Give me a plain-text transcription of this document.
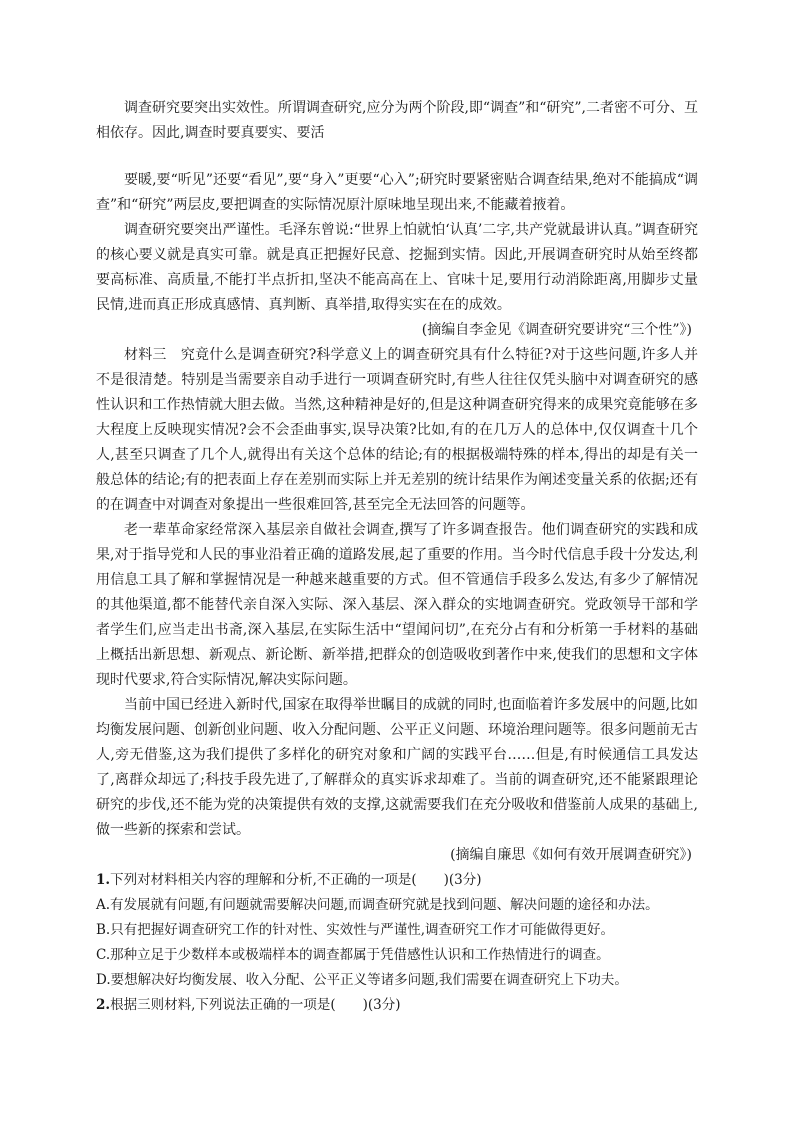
调查研究要突出实效性。所谓调查研究,应分为两个阶段,即“调查”和“研究”,二者密不可分、互相依存。因此,调查时要真要实、要活

要暖,要“听见”还要“看见”,要“身入”更要“心入”;研究时要紧密贴合调查结果,绝对不能搞成“调查”和“研究”两层皮,要把调查的实际情况原汁原味地呈现出来,不能藏着掖着。

调查研究要突出严谨性。毛泽东曾说:“世界上怕就怕‘认真’二字,共产党就最讲认真。”调查研究的核心要义就是真实可靠。就是真正把握好民意、挖掘到实情。因此,开展调查研究时从始至终都要高标准、高质量,不能打半点折扣,坚决不能高高在上、官味十足,要用行动消除距离,用脚步丈量民情,进而真正形成真感情、真判断、真举措,取得实实在在的成效。

(摘编自李金见《调查研究要讲究“三个性”》)

材料三　究竟什么是调查研究?科学意义上的调查研究具有什么特征?对于这些问题,许多人并不是很清楚。特别是当需要亲自动手进行一项调查研究时,有些人往往仅凭头脑中对调查研究的感性认识和工作热情就大胆去做。当然,这种精神是好的,但是这种调查研究得来的成果究竟能够在多大程度上反映现实情况?会不会歪曲事实,误导决策?比如,有的在几万人的总体中,仅仅调查十几个人,甚至只调查了几个人,就得出有关这个总体的结论;有的根据极端特殊的样本,得出的却是有关一般总体的结论;有的把表面上存在差别而实际上并无差别的统计结果作为阐述变量关系的依据;还有的在调查中对调查对象提出一些很难回答,甚至完全无法回答的问题等。

老一辈革命家经常深入基层亲自做社会调查,撰写了许多调查报告。他们调查研究的实践和成果,对于指导党和人民的事业沿着正确的道路发展,起了重要的作用。当今时代信息手段十分发达,利用信息工具了解和掌握情况是一种越来越重要的方式。但不管通信手段多么发达,有多少了解情况的其他渠道,都不能替代亲自深入实际、深入基层、深入群众的实地调查研究。党政领导干部和学者学生们,应当走出书斋,深入基层,在实际生活中“望闻问切”,在充分占有和分析第一手材料的基础上概括出新思想、新观点、新论断、新举措,把群众的创造吸收到著作中来,使我们的思想和文字体现时代要求,符合实际情况,解决实际问题。

当前中国已经进入新时代,国家在取得举世瞩目的成就的同时,也面临着许多发展中的问题,比如均衡发展问题、创新创业问题、收入分配问题、公平正义问题、环境治理问题等。很多问题前无古人,旁无借鉴,这为我们提供了多样化的研究对象和广阔的实践平台……但是,有时候通信工具发达了,离群众却远了;科技手段先进了,了解群众的真实诉求却难了。当前的调查研究,还不能紧跟理论研究的步伐,还不能为党的决策提供有效的支撑,这就需要我们在充分吸收和借鉴前人成果的基础上,做一些新的探索和尝试。

(摘编自廉思《如何有效开展调查研究》)

1.下列对材料相关内容的理解和分析,不正确的一项是(　　)(3分)

A.有发展就有问题,有问题就需要解决问题,而调查研究就是找到问题、解决问题的途径和办法。

B.只有把握好调查研究工作的针对性、实效性与严谨性,调查研究工作才可能做得更好。

C.那种立足于少数样本或极端样本的调查都属于凭借感性认识和工作热情进行的调查。

D.要想解决好均衡发展、收入分配、公平正义等诸多问题,我们需要在调查研究上下功夫。

2.根据三则材料,下列说法正确的一项是(　　)(3分)
